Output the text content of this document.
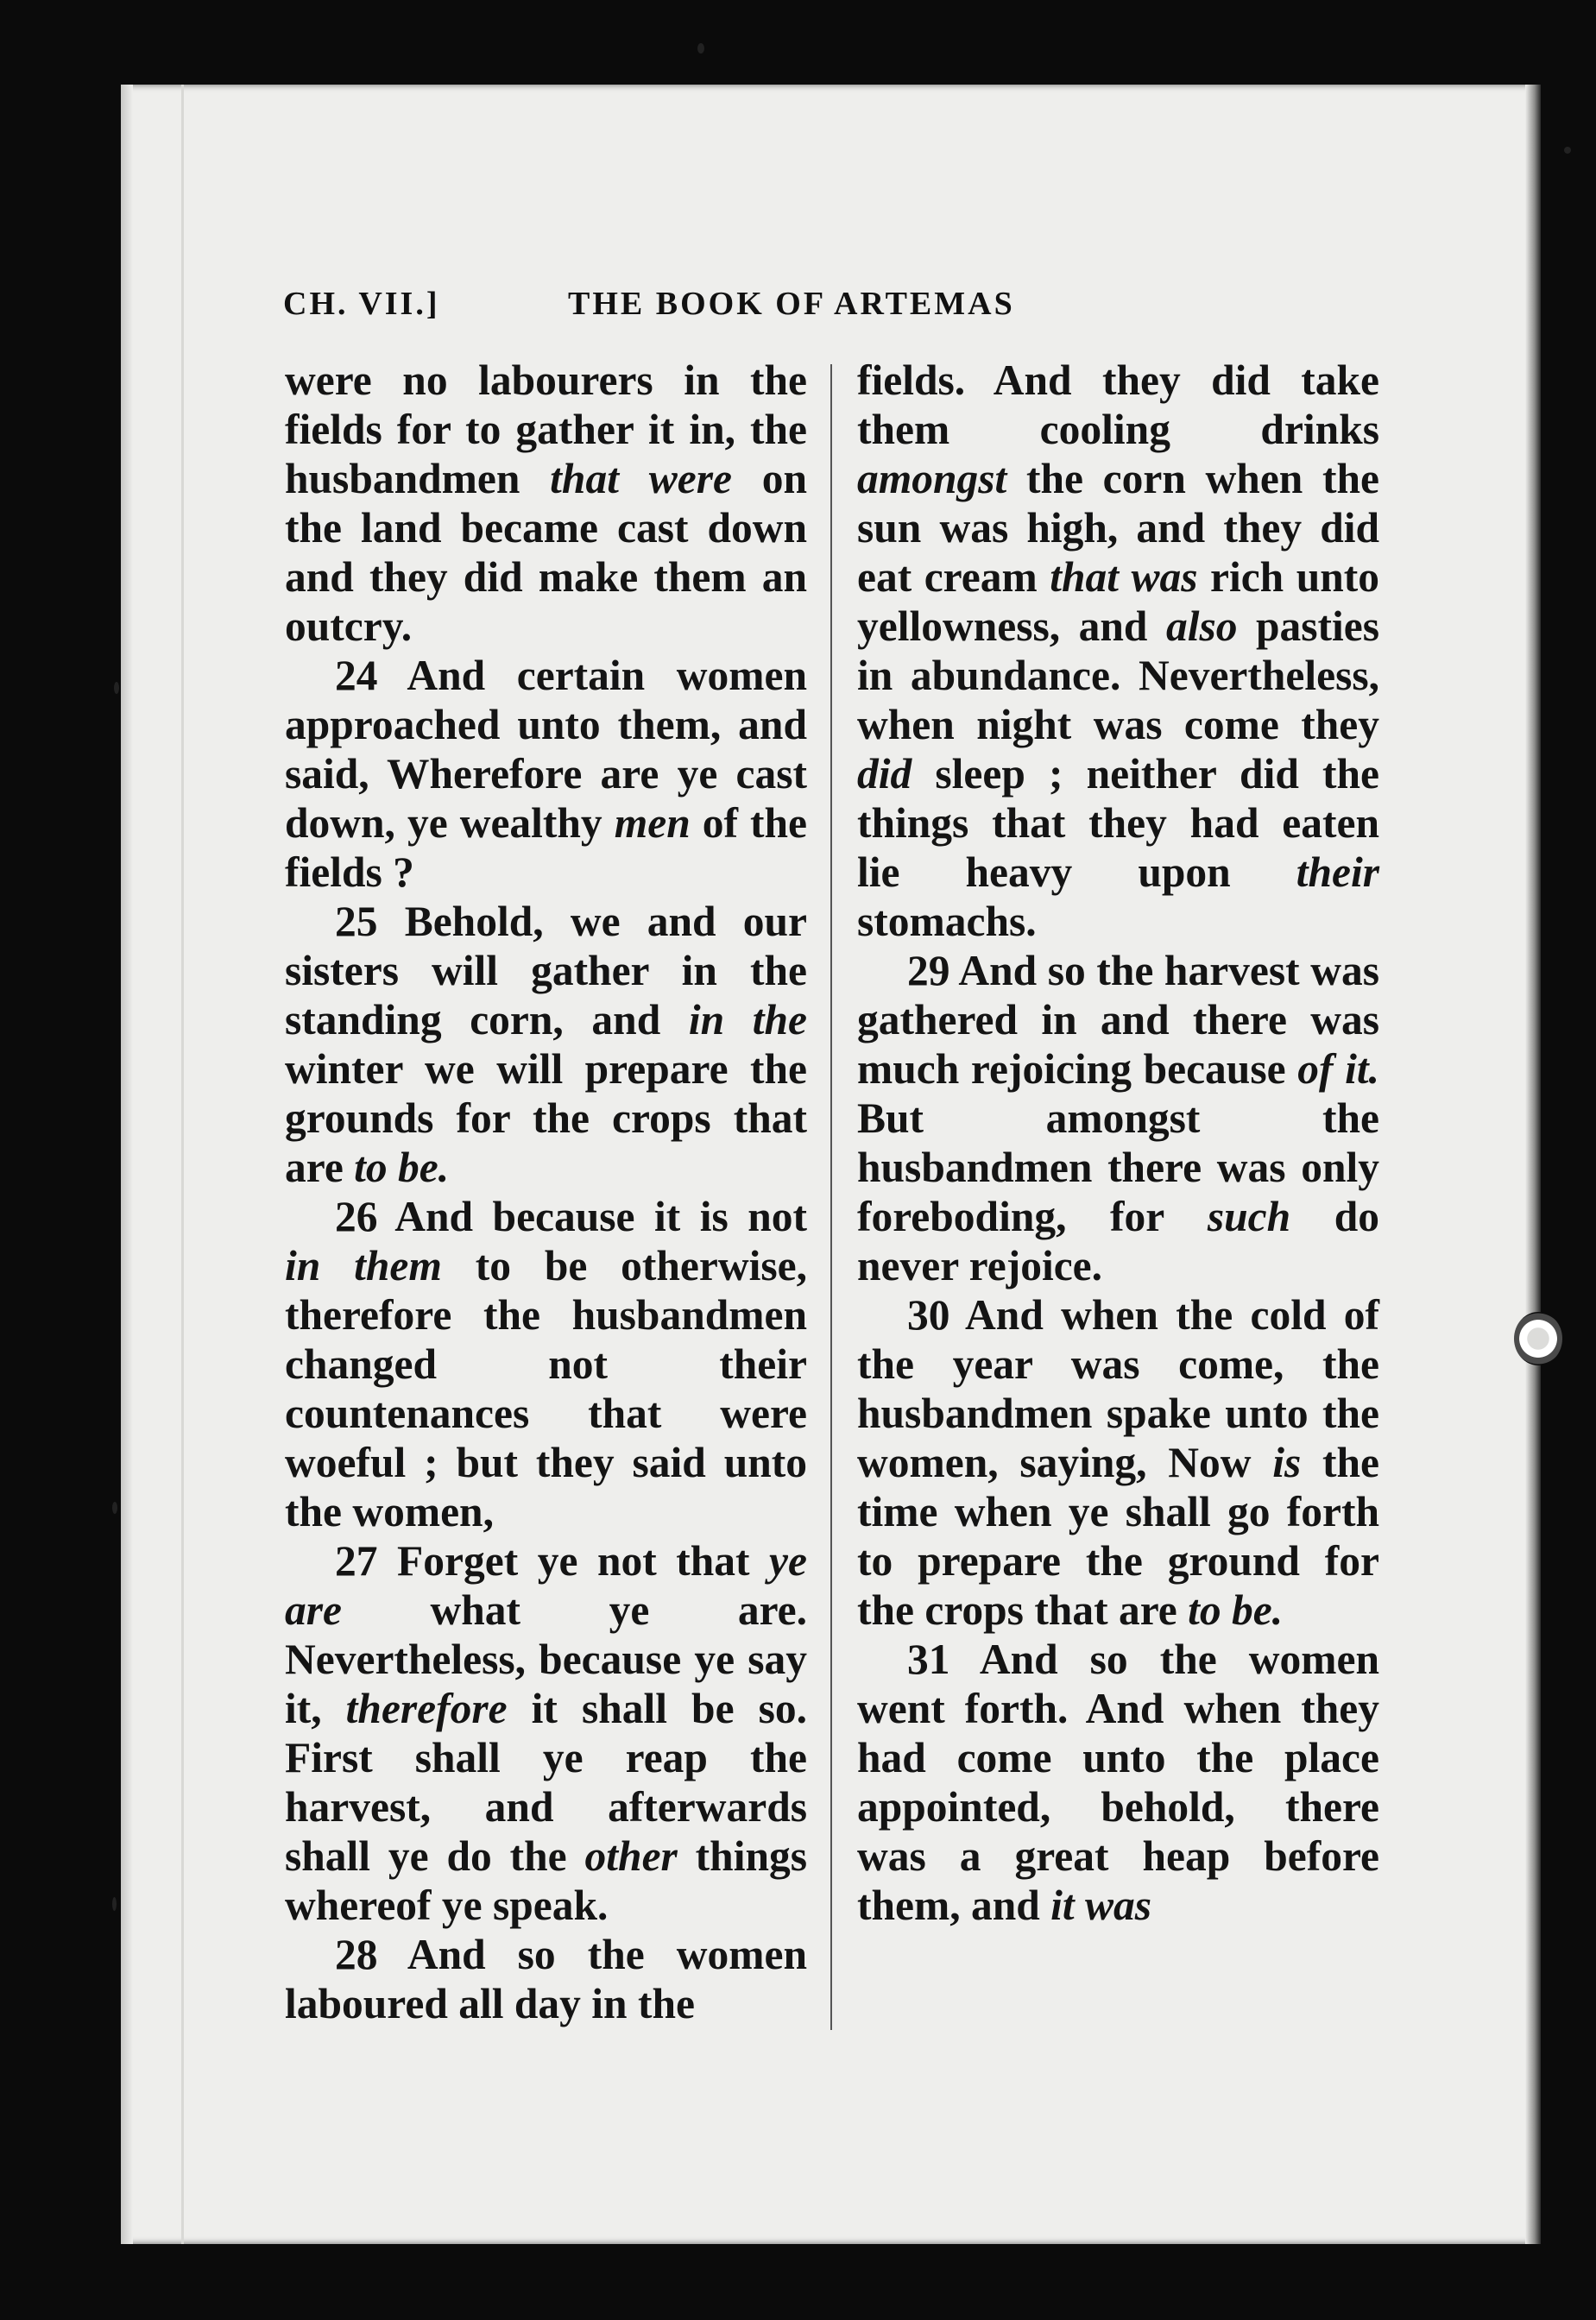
CH. VII.]	THE BOOK OF ARTEMAS

were no labourers in the fields for to gather it in, the husbandmen that were on the land became cast down and they did make them an outcry.

24 And certain women approached unto them, and said, Wherefore are ye cast down, ye wealthy men of the fields ?

25 Behold, we and our sisters will gather in the standing corn, and in the winter we will prepare the grounds for the crops that are to be.

26 And because it is not in them to be otherwise, therefore the husbandmen changed not their countenances that were woeful ; but they said unto the women,

27 Forget ye not that ye are what ye are. Nevertheless, because ye say it, therefore it shall be so. First shall ye reap the harvest, and afterwards shall ye do the other things whereof ye speak.

28 And so the women laboured all day in the

fields. And they did take them cooling drinks amongst the corn when the sun was high, and they did eat cream that was rich unto yellowness, and also pasties in abundance. Nevertheless, when night was come they did sleep ; neither did the things that they had eaten lie heavy upon their stomachs.

29 And so the harvest was gathered in and there was much rejoicing because of it. But amongst the husbandmen there was only foreboding, for such do never rejoice.

30 And when the cold of the year was come, the husbandmen spake unto the women, saying, Now is the time when ye shall go forth to prepare the ground for the crops that are to be.

31 And so the women went forth. And when they had come unto the place appointed, behold, there was a great heap before them, and it was
